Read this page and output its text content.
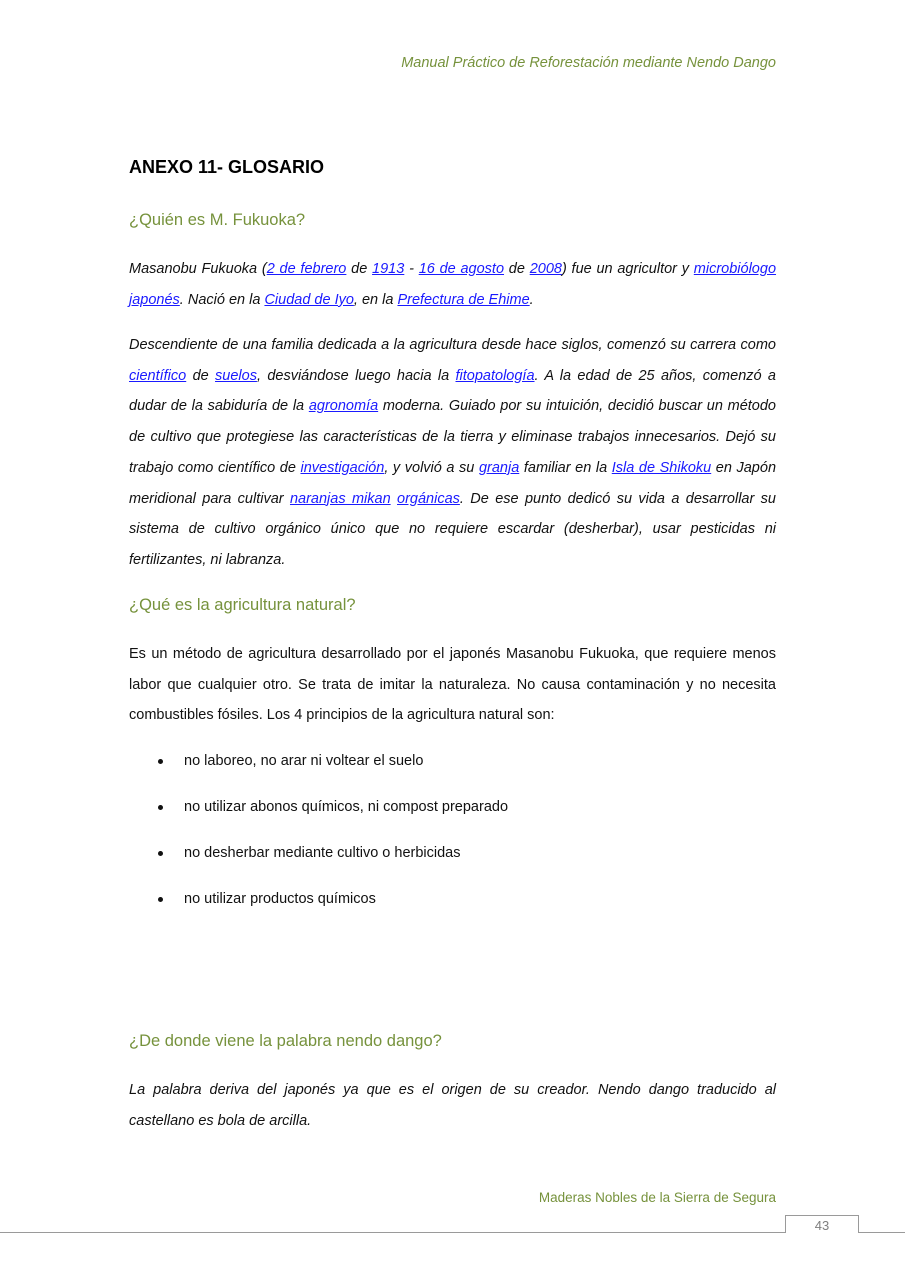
Manual Práctico de Reforestación mediante Nendo Dango
ANEXO 11- GLOSARIO
¿Quién es M. Fukuoka?

Masanobu Fukuoka (2 de febrero de 1913 - 16 de agosto de 2008) fue un agricultor y microbiólogo japonés. Nació en la Ciudad de Iyo, en la Prefectura de Ehime.

Descendiente de una familia dedicada a la agricultura desde hace siglos, comenzó su carrera como científico de suelos, desviándose luego hacia la fitopatología. A la edad de 25 años, comenzó a dudar de la sabiduría de la agronomía moderna. Guiado por su intuición, decidió buscar un método de cultivo que protegiese las características de la tierra y eliminase trabajos innecesarios. Dejó su trabajo como científico de investigación, y volvió a su granja familiar en la Isla de Shikoku en Japón meridional para cultivar naranjas mikan orgánicas. De ese punto dedicó su vida a desarrollar su sistema de cultivo orgánico único que no requiere escardar (desherbar), usar pesticidas ni fertilizantes, ni labranza.

¿Qué es la agricultura natural?

Es un método de agricultura desarrollado por el japonés Masanobu Fukuoka, que requiere menos labor que cualquier otro. Se trata de imitar la naturaleza. No causa contaminación y no necesita combustibles fósiles. Los 4 principios de la agricultura natural son:

no laboreo, no arar ni voltear el suelo
no utilizar abonos químicos, ni compost preparado
no desherbar mediante cultivo o herbicidas
no utilizar productos químicos
¿De donde viene la palabra nendo dango?

La palabra deriva del japonés ya que es el origen de su creador. Nendo dango traducido al castellano es bola de arcilla.

Maderas Nobles de la Sierra de Segura
43
